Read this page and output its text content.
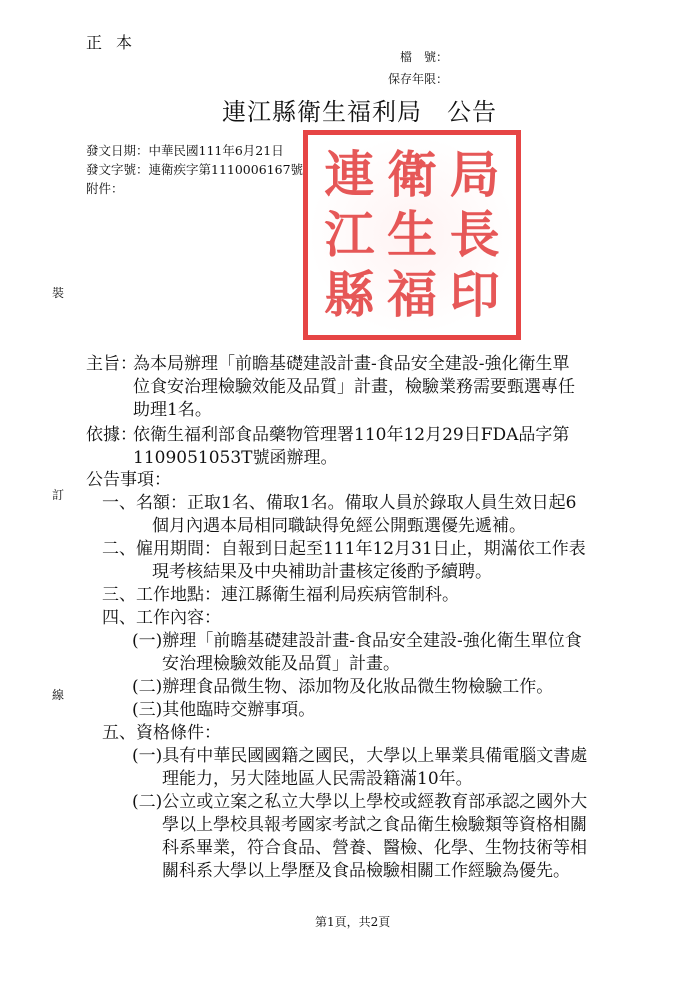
正本
檔　號：
保存年限：
連江縣衛生福利局　公告
發文日期：中華民國111年6月21日
發文字號：連衛疾字第1110006167號
附件：	連 衛 局
江 生 長
縣 福 印
裝
訂
線
主旨：
為本局辦理「前瞻基礎建設計畫-食品安全建設-強化衛生單
位食安治理檢驗效能及品質」計畫，檢驗業務需要甄選專任
助理1名。
依據：
依衛生福利部食品藥物管理署110年12月29日FDA品字第
1109051053T號函辦理。
公告事項：
一、名額：正取1名、備取1名。備取人員於錄取人員生效日起6
個月內遇本局相同職缺得免經公開甄選優先遞補。
二、僱用期間：自報到日起至111年12月31日止，期滿依工作表
現考核結果及中央補助計畫核定後酌予續聘。
三、工作地點：連江縣衛生福利局疾病管制科。
四、工作內容：
(一)辦理「前瞻基礎建設計畫-食品安全建設-強化衛生單位食
安治理檢驗效能及品質」計畫。
(二)辦理食品微生物、添加物及化妝品微生物檢驗工作。
(三)其他臨時交辦事項。
五、資格條件：
(一)具有中華民國國籍之國民，大學以上畢業具備電腦文書處
理能力，另大陸地區人民需設籍滿10年。
(二)公立或立案之私立大學以上學校或經教育部承認之國外大
學以上學校具報考國家考試之食品衛生檢驗類等資格相關
科系畢業，符合食品、營養、醫檢、化學、生物技術等相
關科系大學以上學歷及食品檢驗相關工作經驗為優先。
第1頁，共2頁
